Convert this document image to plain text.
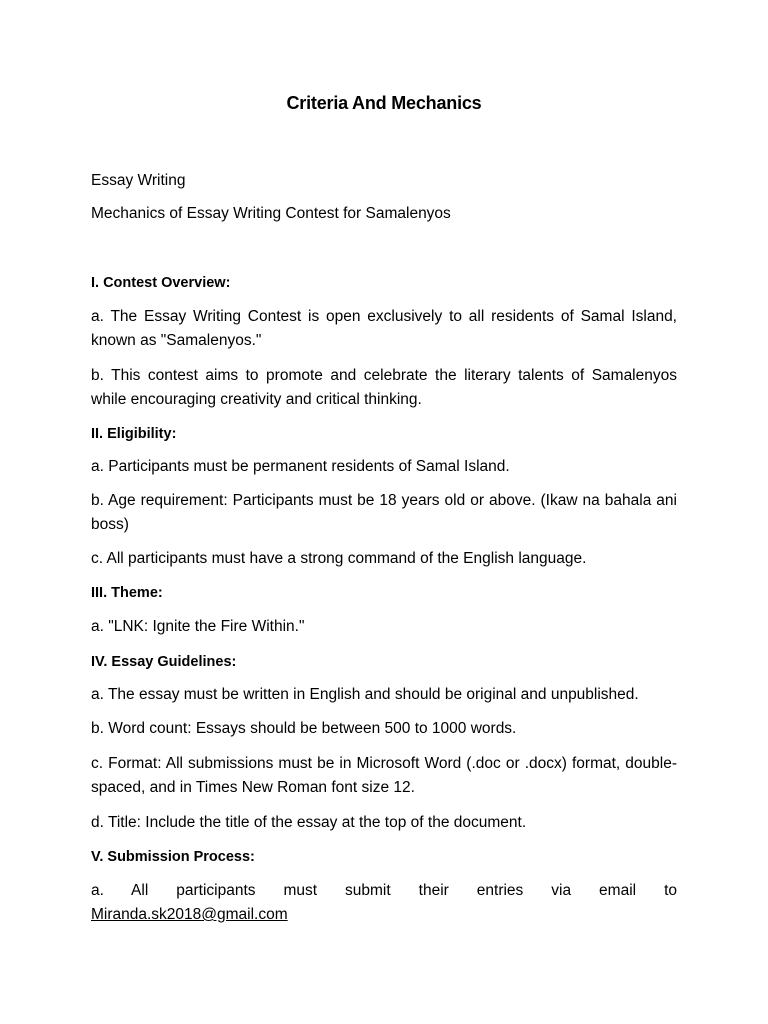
Criteria And Mechanics
Essay Writing
Mechanics of Essay Writing Contest for Samalenyos
I. Contest Overview:
a. The Essay Writing Contest is open exclusively to all residents of Samal Island, known as "Samalenyos."
b. This contest aims to promote and celebrate the literary talents of Samalenyos while encouraging creativity and critical thinking.
II. Eligibility:
a. Participants must be permanent residents of Samal Island.
b. Age requirement: Participants must be 18 years old or above. (Ikaw na bahala ani boss)
c. All participants must have a strong command of the English language.
III. Theme:
a. "LNK: Ignite the Fire Within."
IV. Essay Guidelines:
a. The essay must be written in English and should be original and unpublished.
b. Word count: Essays should be between 500 to 1000 words.
c. Format: All submissions must be in Microsoft Word (.doc or .docx) format, double-spaced, and in Times New Roman font size 12.
d. Title: Include the title of the essay at the top of the document.
V. Submission Process:
a. All participants must submit their entries via email to
Miranda.sk2018@gmail.com
